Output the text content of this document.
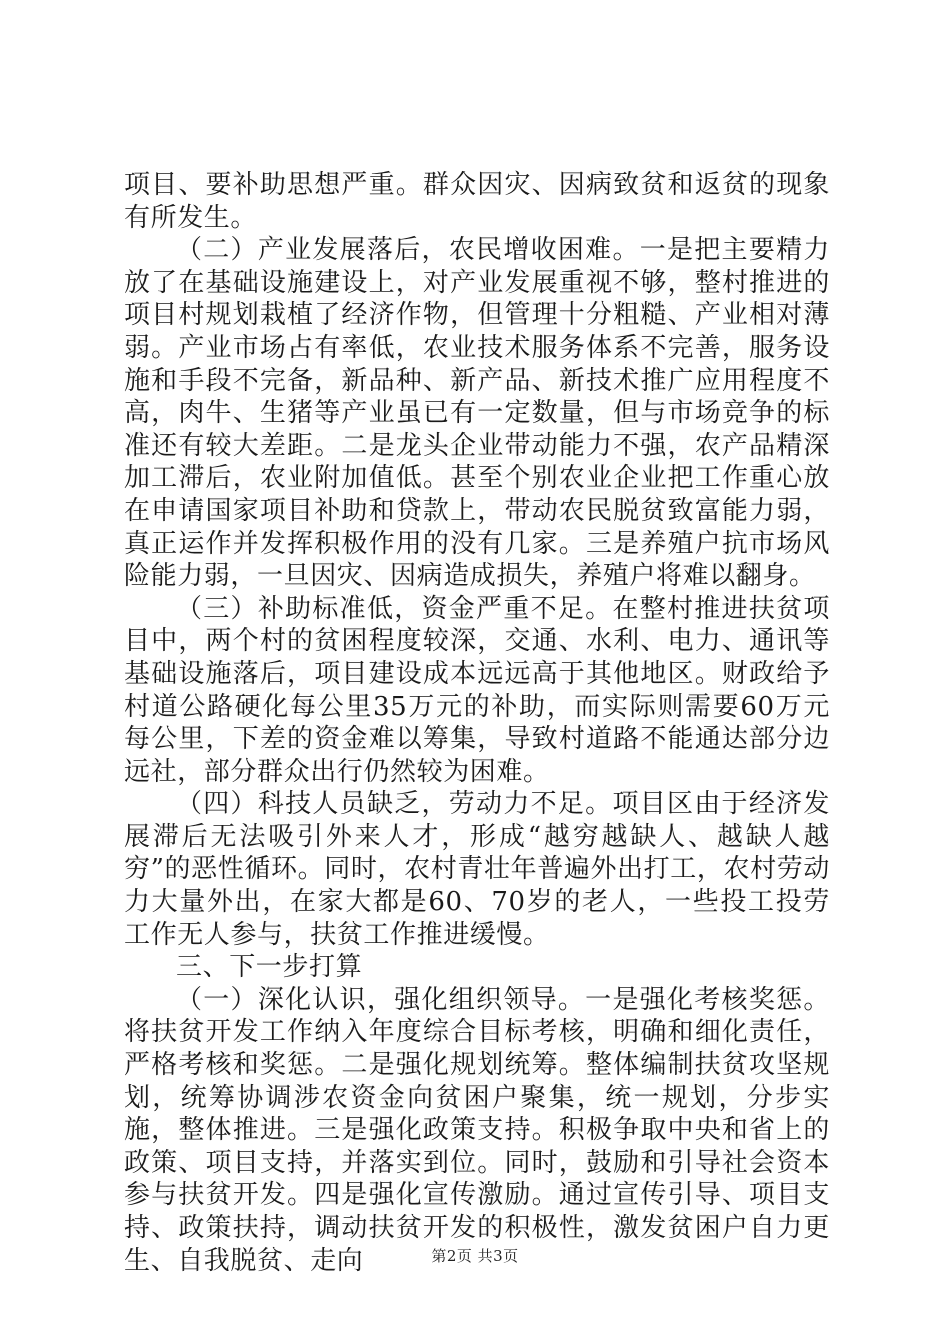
项目、要补助思想严重。群众因灾、因病致贫和返贫的现象有所发生。

（二）产业发展落后，农民增收困难。一是把主要精力放了在基础设施建设上，对产业发展重视不够，整村推进的项目村规划栽植了经济作物，但管理十分粗糙、产业相对薄弱。产业市场占有率低，农业技术服务体系不完善，服务设施和手段不完备，新品种、新产品、新技术推广应用程度不高，肉牛、生猪等产业虽已有一定数量，但与市场竞争的标准还有较大差距。二是龙头企业带动能力不强，农产品精深加工滞后，农业附加值低。甚至个别农业企业把工作重心放在申请国家项目补助和贷款上，带动农民脱贫致富能力弱，真正运作并发挥积极作用的没有几家。三是养殖户抗市场风险能力弱，一旦因灾、因病造成损失，养殖户将难以翻身。

（三）补助标准低，资金严重不足。在整村推进扶贫项目中，两个村的贫困程度较深，交通、水利、电力、通讯等基础设施落后，项目建设成本远远高于其他地区。财政给予村道公路硬化每公里35万元的补助，而实际则需要60万元每公里，下差的资金难以筹集，导致村道路不能通达部分边远社，部分群众出行仍然较为困难。

（四）科技人员缺乏，劳动力不足。项目区由于经济发展滞后无法吸引外来人才，形成“越穷越缺人、越缺人越穷”的恶性循环。同时，农村青壮年普遍外出打工，农村劳动力大量外出，在家大都是60、70岁的老人，一些投工投劳工作无人参与，扶贫工作推进缓慢。

三、下一步打算

（一）深化认识，强化组织领导。一是强化考核奖惩。将扶贫开发工作纳入年度综合目标考核，明确和细化责任，严格考核和奖惩。二是强化规划统筹。整体编制扶贫攻坚规划，统筹协调涉农资金向贫困户聚集，统一规划，分步实施，整体推进。三是强化政策支持。积极争取中央和省上的政策、项目支持，并落实到位。同时，鼓励和引导社会资本参与扶贫开发。四是强化宣传激励。通过宣传引导、项目支持、政策扶持，调动扶贫开发的积极性，激发贫困户自力更生、自我脱贫、走向	第2页 共3页
